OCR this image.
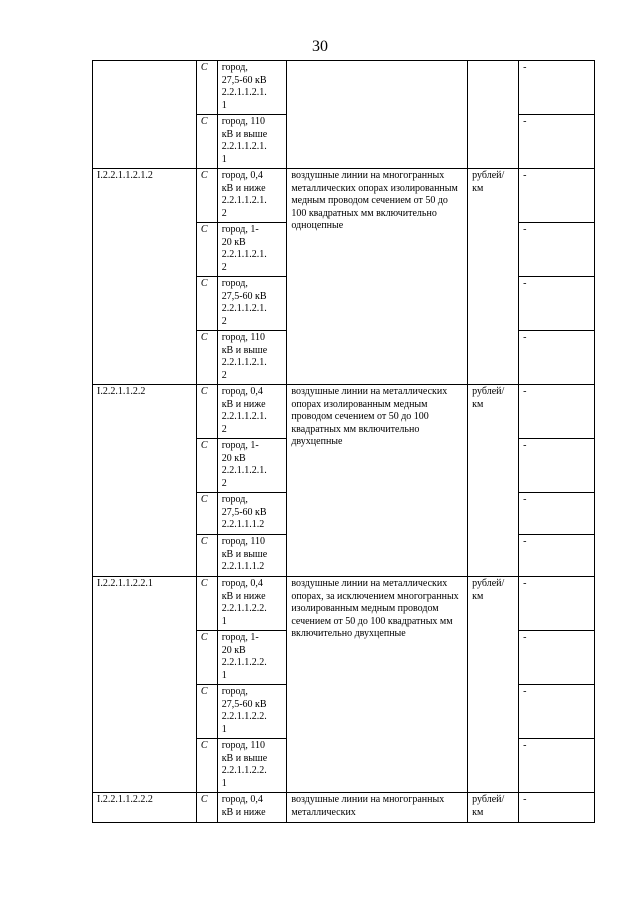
30
	С	город,
27,5-60 кВ
2.2.1.1.2.1.
1			-
	С	город, 110
кВ и выше
2.2.1.1.2.1.
1			-
I.2.2.1.1.2.1.2	С	город, 0,4
кВ и ниже
2.2.1.1.2.1.
2	воздушные линии на многогранных металлических опорах изолированным медным проводом сечением от 50 до 100 квадратных мм включительно одноцепные	рублей/ км	-
	С	город, 1-
20 кВ
2.2.1.1.2.1.
2			-
	С	город,
27,5-60 кВ
2.2.1.1.2.1.
2			-
	С	город, 110
кВ и выше
2.2.1.1.2.1.
2			-
I.2.2.1.1.2.2	С	город, 0,4
кВ и ниже
2.2.1.1.2.1.
2	воздушные линии на металлических опорах изолированным медным проводом сечением от 50 до 100 квадратных мм включительно двухцепные	рублей/ км	-
	С	город, 1-
20 кВ
2.2.1.1.2.1.
2			-
	С	город,
27,5-60 кВ
2.2.1.1.1.2			-
	С	город, 110
кВ и выше
2.2.1.1.1.2			-
I.2.2.1.1.2.2.1	С	город, 0,4
кВ и ниже
2.2.1.1.2.2.
1	воздушные линии на металлических опорах, за исключением многогранных изолированным медным проводом сечением от 50 до 100 квадратных мм включительно двухцепные	рублей/ км	-
	С	город, 1-
20 кВ
2.2.1.1.2.2.
1			-
	С	город,
27,5-60 кВ
2.2.1.1.2.2.
1			-
	С	город, 110
кВ и выше
2.2.1.1.2.2.
1			-
I.2.2.1.1.2.2.2	С	город, 0,4
кВ и ниже	воздушные линии на многогранных металлических	рублей/ км	-
